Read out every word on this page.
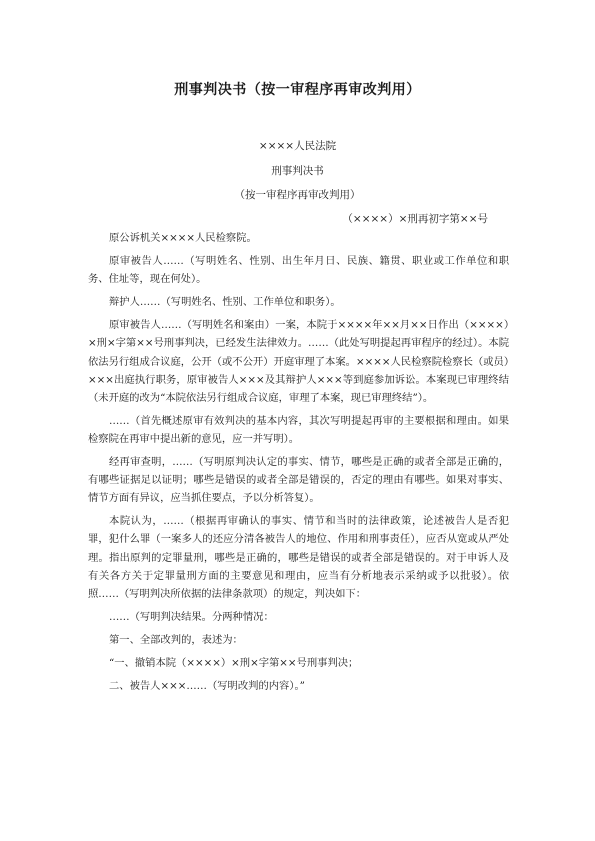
刑事判决书（按一审程序再审改判用）
××××人民法院
刑事判决书
（按一审程序再审改判用）
（××××）×刑再初字第××号

原公诉机关××××人民检察院。

原审被告人……（写明姓名、性别、出生年月日、民族、籍贯、职业或工作单位和职务、住址等，现在何处）。

辩护人……（写明姓名、性别、工作单位和职务）。

原审被告人……（写明姓名和案由）一案，本院于××××年××月××日作出（××××）×刑×字第××号刑事判决，已经发生法律效力。……（此处写明提起再审程序的经过）。本院依法另行组成合议庭，公开（或不公开）开庭审理了本案。××××人民检察院检察长（或员）×××出庭执行职务，原审被告人×××及其辩护人×××等到庭参加诉讼。本案现已审理终结（未开庭的改为“本院依法另行组成合议庭，审理了本案，现已审理终结”）。

……（首先概述原审有效判决的基本内容，其次写明提起再审的主要根据和理由。如果检察院在再审中提出新的意见，应一并写明）。

经再审查明，……（写明原判决认定的事实、情节，哪些是正确的或者全部是正确的，有哪些证据足以证明；哪些是错误的或者全部是错误的，否定的理由有哪些。如果对事实、情节方面有异议，应当抓住要点，予以分析答复）。

本院认为，……（根据再审确认的事实、情节和当时的法律政策，论述被告人是否犯罪，犯什么罪（一案多人的还应分清各被告人的地位、作用和刑事责任），应否从宽或从严处理。指出原判的定罪量刑，哪些是正确的，哪些是错误的或者全部是错误的。对于申诉人及有关各方关于定罪量刑方面的主要意见和理由，应当有分析地表示采纳或予以批驳）。依照……（写明判决所依据的法律条款项）的规定，判决如下：

……（写明判决结果。分两种情况：

第一、全部改判的，表述为：

“一、撤销本院（××××）×刑×字第××号刑事判决；

二、被告人×××……（写明改判的内容）。”
